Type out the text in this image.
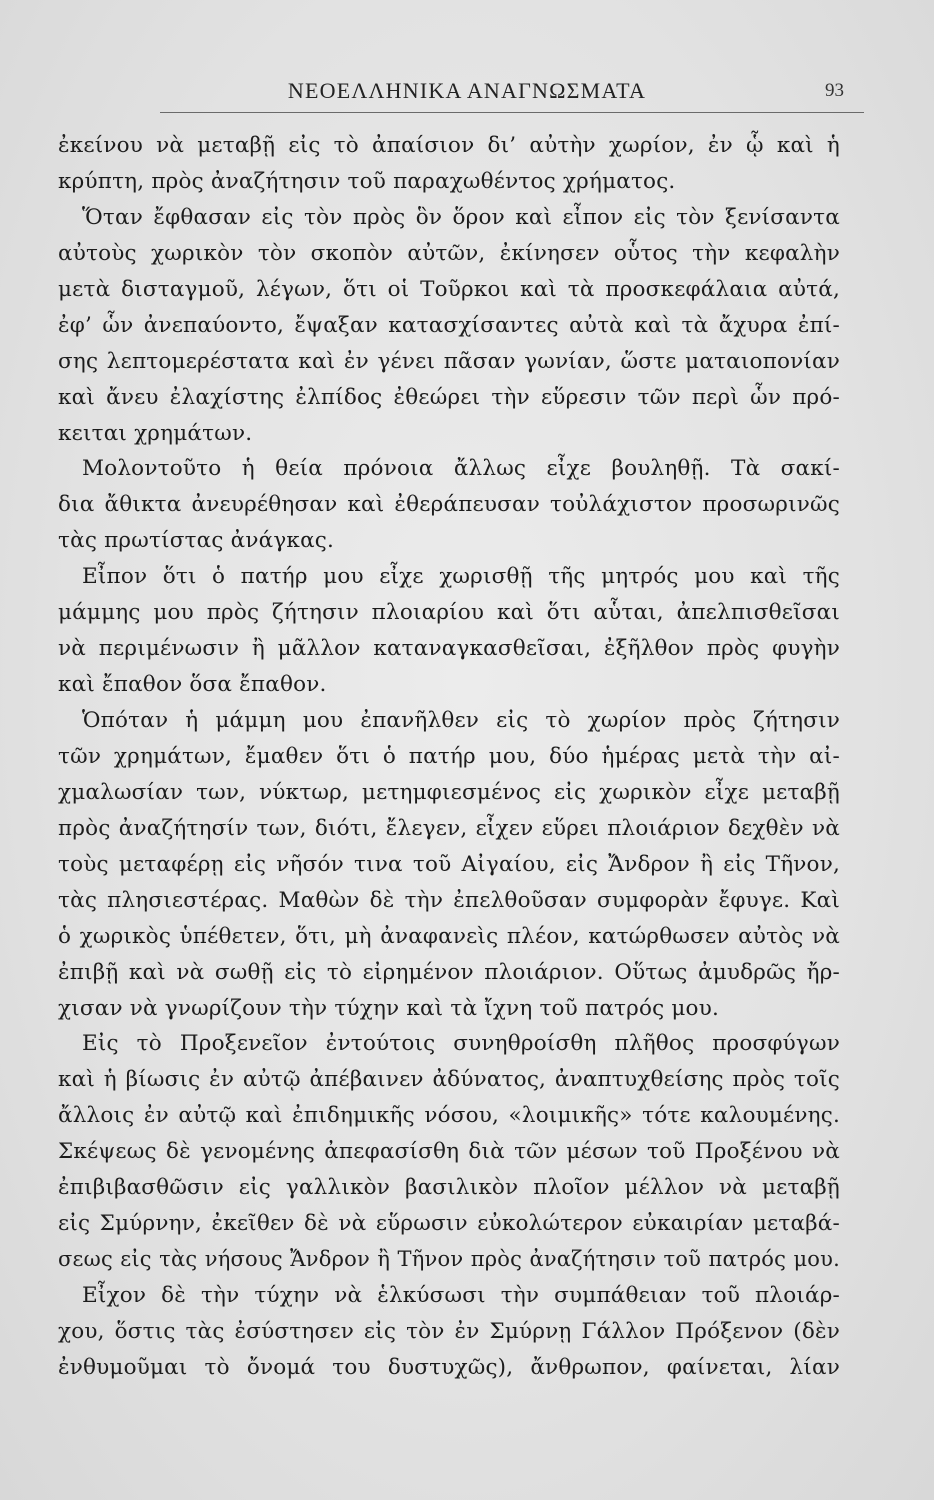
ΝΕΟΕΛΛΗΝΙΚΑ ΑΝΑΓΝΩΣΜΑΤΑ	93
ἐκείνου νὰ μεταβῇ εἰς τὸ ἀπαίσιον δι’ αὐτὴν χωρίον, ἐν ᾧ καὶ ἡ
κρύπτη, πρὸς ἀναζήτησιν τοῦ παραχωθέντος χρήματος.
Ὅταν ἔφθασαν εἰς τὸν πρὸς ὃν ὅρον καὶ εἶπον εἰς τὸν ξενίσαντα
αὐτοὺς χωρικὸν τὸν σκοπὸν αὐτῶν, ἐκίνησεν οὗτος τὴν κεφαλὴν
μετὰ δισταγμοῦ, λέγων, ὅτι οἱ Τοῦρκοι καὶ τὰ προσκεφάλαια αὐτά,
ἐφ’ ὧν ἀνεπαύοντο, ἔψαξαν κατασχίσαντες αὐτὰ καὶ τὰ ἄχυρα ἐπί-
σης λεπτομερέστατα καὶ ἐν γένει πᾶσαν γωνίαν, ὥστε ματαιοπονίαν
καὶ ἄνευ ἐλαχίστης ἐλπίδος ἐθεώρει τὴν εὕρεσιν τῶν περὶ ὧν πρό-
κειται χρημάτων.
Μολοντοῦτο ἡ θεία πρόνοια ἄλλως εἶχε βουληθῇ. Τὰ σακί-
δια ἄθικτα ἀνευρέθησαν καὶ ἐθεράπευσαν τοὐλάχιστον προσωρινῶς
τὰς πρωτίστας ἀνάγκας.
Εἶπον ὅτι ὁ πατήρ μου εἶχε χωρισθῇ τῆς μητρός μου καὶ τῆς
μάμμης μου πρὸς ζήτησιν πλοιαρίου καὶ ὅτι αὗται, ἀπελπισθεῖσαι
νὰ περιμένωσιν ἢ μᾶλλον καταναγκασθεῖσαι, ἐξῆλθον πρὸς φυγὴν
καὶ ἔπαθον ὅσα ἔπαθον.
Ὁπόταν ἡ μάμμη μου ἐπανῆλθεν εἰς τὸ χωρίον πρὸς ζήτησιν
τῶν χρημάτων, ἔμαθεν ὅτι ὁ πατήρ μου, δύο ἡμέρας μετὰ τὴν αἰ-
χμαλωσίαν των, νύκτωρ, μετημφιεσμένος εἰς χωρικὸν εἶχε μεταβῇ
πρὸς ἀναζήτησίν των, διότι, ἔλεγεν, εἶχεν εὕρει πλοιάριον δεχθὲν νὰ
τοὺς μεταφέρῃ εἰς νῆσόν τινα τοῦ Αἰγαίου, εἰς Ἄνδρον ἢ εἰς Τῆνον,
τὰς πλησιεστέρας. Μαθὼν δὲ τὴν ἐπελθοῦσαν συμφορὰν ἔφυγε. Καὶ
ὁ χωρικὸς ὑπέθετεν, ὅτι, μὴ ἀναφανεὶς πλέον, κατώρθωσεν αὐτὸς νὰ
ἐπιβῇ καὶ νὰ σωθῇ εἰς τὸ εἰρημένον πλοιάριον. Οὕτως ἀμυδρῶς ἤρ-
χισαν νὰ γνωρίζουν τὴν τύχην καὶ τὰ ἴχνη τοῦ πατρός μου.
Εἰς τὸ Προξενεῖον ἐντούτοις συνηθροίσθη πλῆθος προσφύγων
καὶ ἡ βίωσις ἐν αὐτῷ ἀπέβαινεν ἀδύνατος, ἀναπτυχθείσης πρὸς τοῖς
ἄλλοις ἐν αὐτῷ καὶ ἐπιδημικῆς νόσου, «λοιμικῆς» τότε καλουμένης.
Σκέψεως δὲ γενομένης ἀπεφασίσθη διὰ τῶν μέσων τοῦ Προξένου νὰ
ἐπιβιβασθῶσιν εἰς γαλλικὸν βασιλικὸν πλοῖον μέλλον νὰ μεταβῇ
εἰς Σμύρνην, ἐκεῖθεν δὲ νὰ εὕρωσιν εὐκολώτερον εὐκαιρίαν μεταβά-
σεως εἰς τὰς νήσους Ἄνδρον ἢ Τῆνον πρὸς ἀναζήτησιν τοῦ πατρός μου.
Εἶχον δὲ τὴν τύχην νὰ ἑλκύσωσι τὴν συμπάθειαν τοῦ πλοιάρ-
χου, ὅστις τὰς ἐσύστησεν εἰς τὸν ἐν Σμύρνῃ Γάλλον Πρόξενον (δὲν
ἐνθυμοῦμαι τὸ ὄνομά του δυστυχῶς), ἄνθρωπον, φαίνεται, λίαν
